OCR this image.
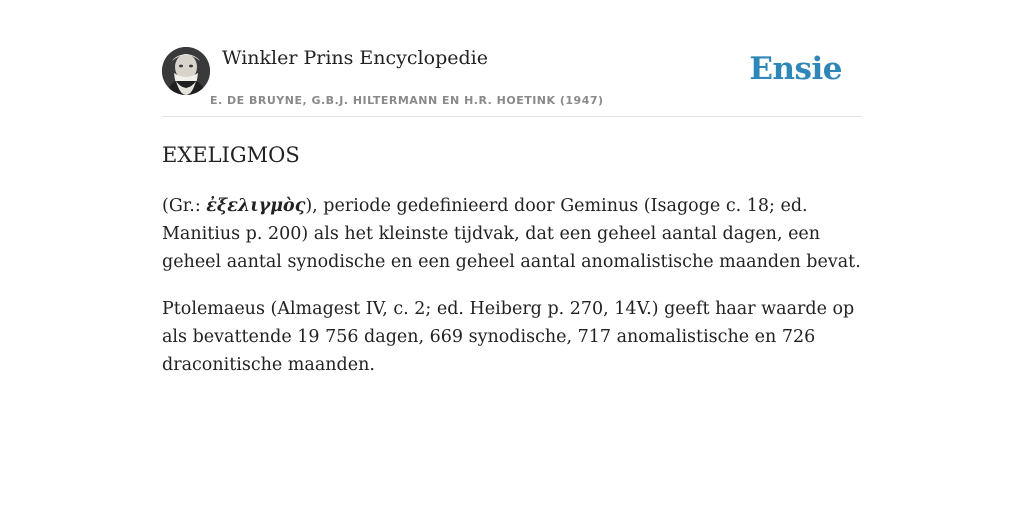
Winkler Prins Encyclopedie
E. DE BRUYNE, G.B.J. HILTERMANN EN H.R. HOETINK (1947)
Ensie
EXELIGMOS

(Gr.: ἐξελιγμὸς), periode gedefinieerd door Geminus (Isagoge c. 18; ed. Manitius p. 200) als het kleinste tijdvak, dat een geheel aantal dagen, een geheel aantal synodische en een geheel aantal anomalistische maanden bevat.

Ptolemaeus (Almagest IV, c. 2; ed. Heiberg p. 270, 14V.) geeft haar waarde op als bevattende 19 756 dagen, 669 synodische, 717 anomalistische en 726 draconitische maanden.
